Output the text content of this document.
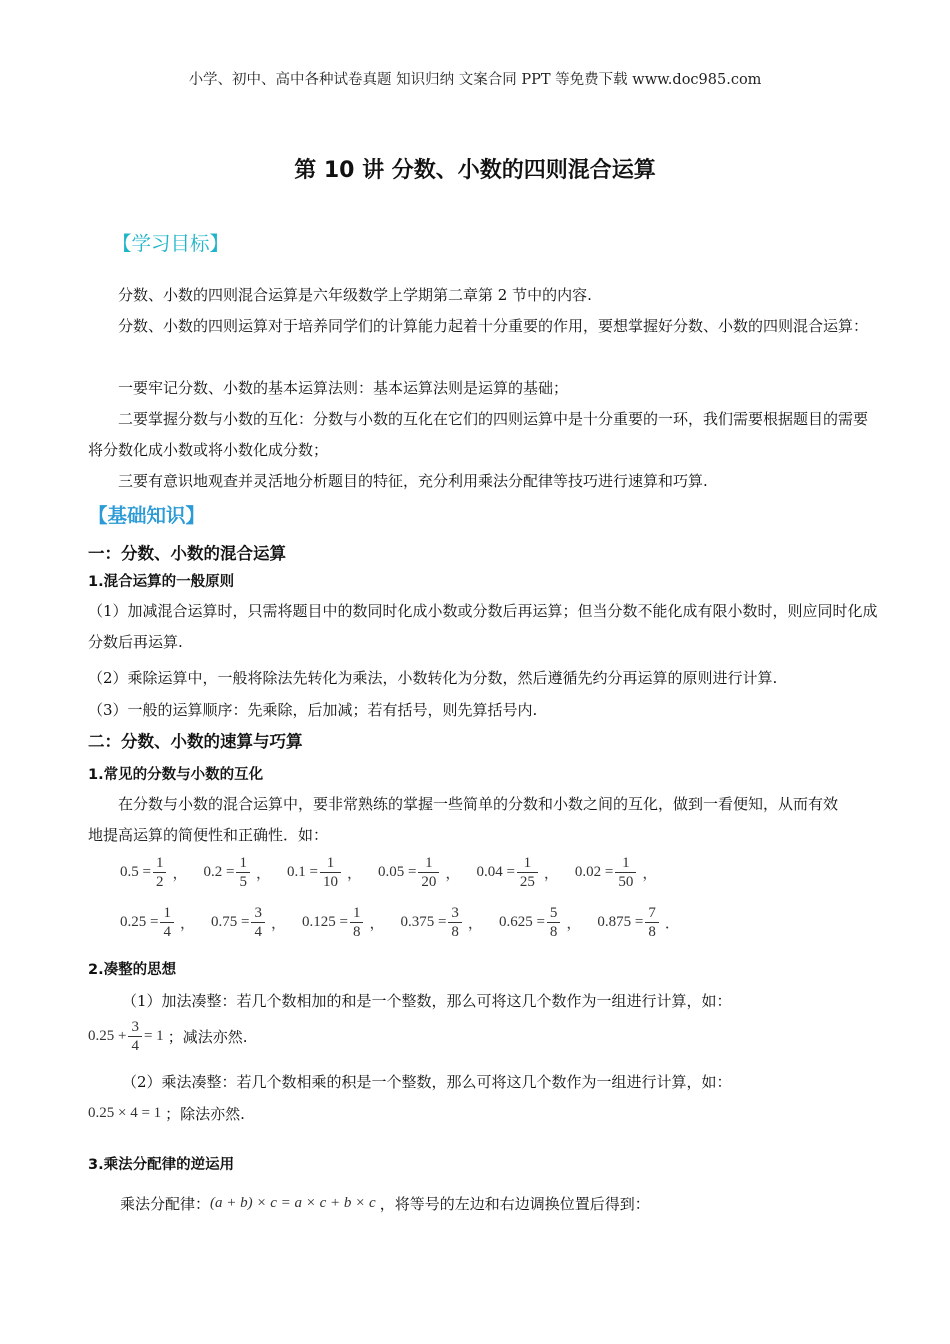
小学、初中、高中各种试卷真题 知识归纳 文案合同 PPT 等免费下载 www.doc985.com
第 10 讲 分数、小数的四则混合运算
【学习目标】
分数、小数的四则混合运算是六年级数学上学期第二章第 2 节中的内容.
分数、小数的四则运算对于培养同学们的计算能力起着十分重要的作用，要想掌握好分数、小数的四则混合运算：
一要牢记分数、小数的基本运算法则：基本运算法则是运算的基础；
二要掌握分数与小数的互化：分数与小数的互化在它们的四则运算中是十分重要的一环，我们需要根据题目的需要将分数化成小数或将小数化成分数；
三要有意识地观查并灵活地分析题目的特征，充分利用乘法分配律等技巧进行速算和巧算.
【基础知识】
一：分数、小数的混合运算
1.混合运算的一般原则
（1）加减混合运算时，只需将题目中的数同时化成小数或分数后再运算；但当分数不能化成有限小数时，则应同时化成分数后再运算.
（2）乘除运算中，一般将除法先转化为乘法，小数转化为分数，然后遵循先约分再运算的原则进行计算.
（3）一般的运算顺序：先乘除，后加减；若有括号，则先算括号内.
二：分数、小数的速算与巧算
1.常见的分数与小数的互化
在分数与小数的混合运算中，要非常熟练的掌握一些简单的分数和小数之间的互化，做到一看便知，从而有效地提高运算的简便性和正确性．如：
$0.5 = \frac{1}{2}$ ， $0.2 = \frac{1}{5}$ ， $0.1 = \frac{1}{10}$ ， $0.05 = \frac{1}{20}$ ， $0.04 = \frac{1}{25}$ ， $0.02 = \frac{1}{50}$ ，
$0.25 = \frac{1}{4}$ ， $0.75 = \frac{3}{4}$ ， $0.125 = \frac{1}{8}$ ， $0.375 = \frac{3}{8}$ ， $0.625 = \frac{5}{8}$ ， $0.875 = \frac{7}{8}$ ．
2.凑整的思想
（1）加法凑整：若几个数相加的和是一个整数，那么可将这几个数作为一组进行计算，如：
$0.25 + \frac{3}{4} = 1$ ；减法亦然.
（2）乘法凑整：若几个数相乘的积是一个整数，那么可将这几个数作为一组进行计算，如：
0.25 × 4 = 1 ；除法亦然.
3.乘法分配律的逆运用
乘法分配律： (a + b) × c = a × c + b × c ，将等号的左边和右边调换位置后得到：
